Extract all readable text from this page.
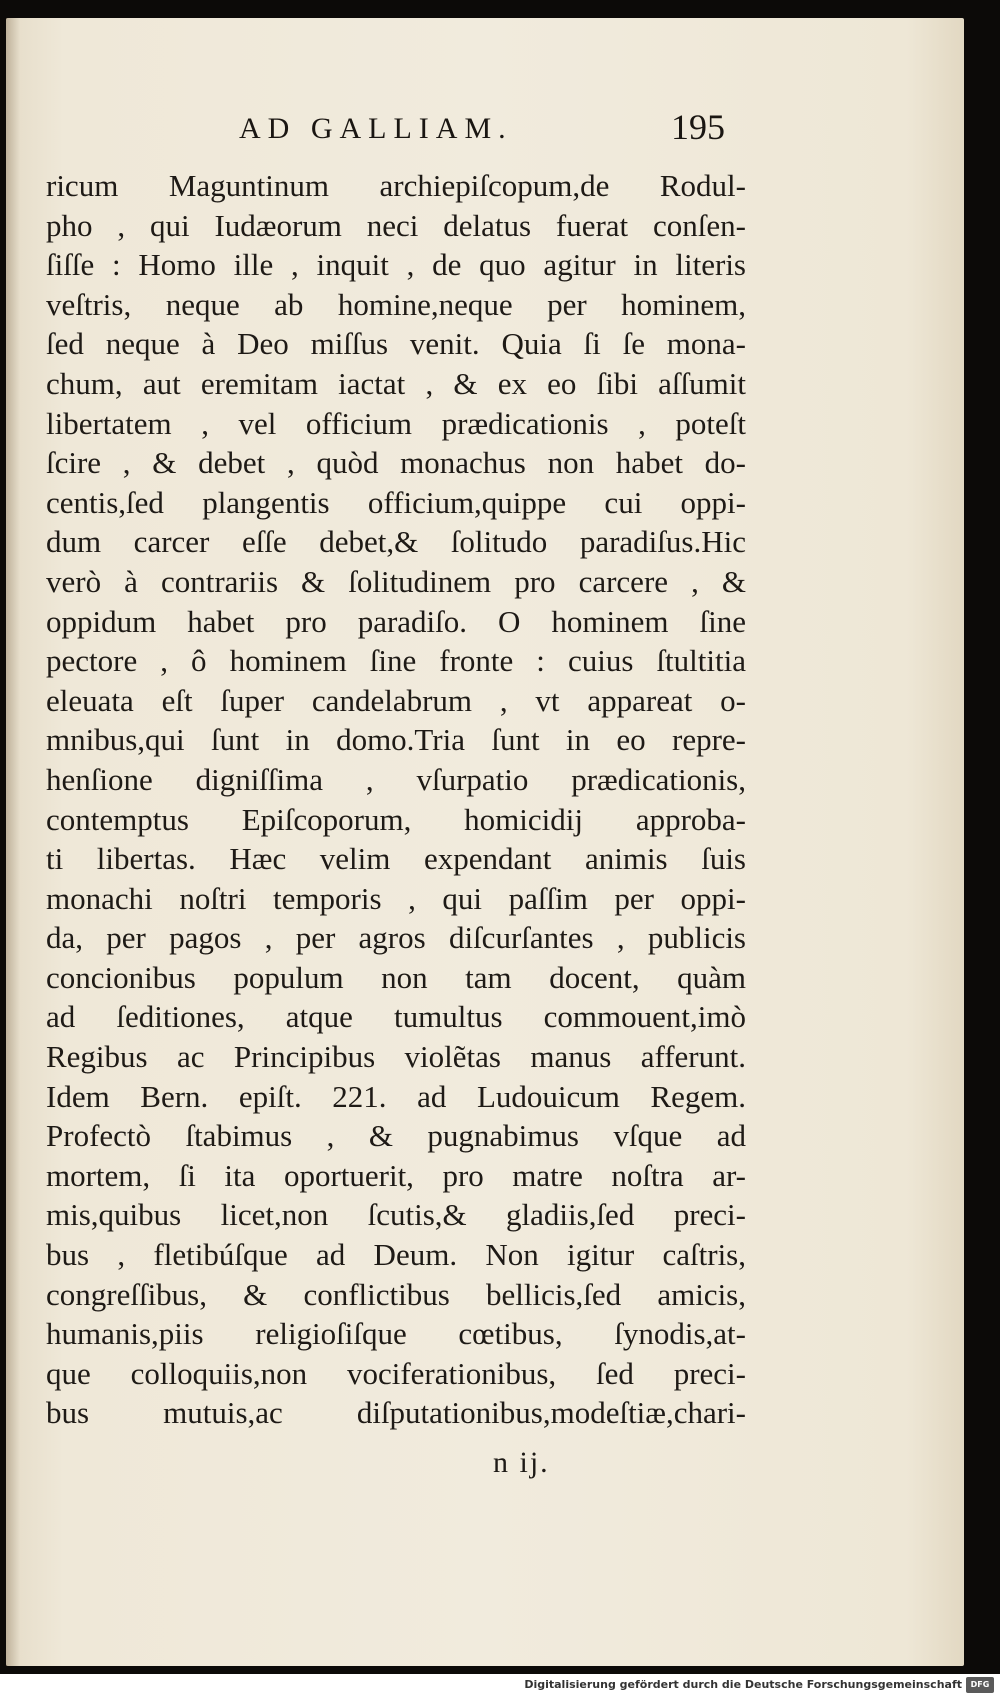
AD GALLIAM.	195
ricum Maguntinum archiepiſcopum,de Rodul-
pho , qui Iudæorum neci delatus fuerat conſen-
ſiſſe : Homo ille , inquit , de quo agitur in literis
veſtris, neque ab homine,neque per hominem,
ſed neque à Deo miſſus venit. Quia ſi ſe mona-
chum, aut eremitam iactat , & ex eo ſibi aſſumit
libertatem , vel officium prædicationis , poteſt
ſcire , & debet , quòd monachus non habet do-
centis,ſed plangentis officium,quippe cui oppi-
dum carcer eſſe debet,& ſolitudo paradiſus.Hic
verò à contrariis & ſolitudinem pro carcere , &
oppidum habet pro paradiſo. O hominem ſine
pectore , ô hominem ſine fronte : cuius ſtultitia
eleuata eſt ſuper candelabrum , vt appareat o-
mnibus,qui ſunt in domo.Tria ſunt in eo repre-
henſione digniſſima , vſurpatio prædicationis,
contemptus Epiſcoporum, homicidij approba-
ti libertas. Hæc velim expendant animis ſuis
monachi noſtri temporis , qui paſſim per oppi-
da, per pagos , per agros diſcurſantes , publicis
concionibus populum non tam docent, quàm
ad ſeditiones, atque tumultus commouent,imò
Regibus ac Principibus violẽtas manus afferunt.
Idem Bern. epiſt. 221. ad Ludouicum Regem.
Profectò ſtabimus , & pugnabimus vſque ad
mortem, ſi ita oportuerit, pro matre noſtra ar-
mis,quibus licet,non ſcutis,& gladiis,ſed preci-
bus , fletibúſque ad Deum. Non igitur caſtris,
congreſſibus, & conflictibus bellicis,ſed amicis,
humanis,piis religioſiſque cœtibus, ſynodis,at-
que colloquiis,non vociferationibus, ſed preci-
bus mutuis,ac diſputationibus,modeſtiæ,chari-
n ij.
Digitalisierung gefördert durch die Deutsche Forschungsgemeinschaft	DFG
